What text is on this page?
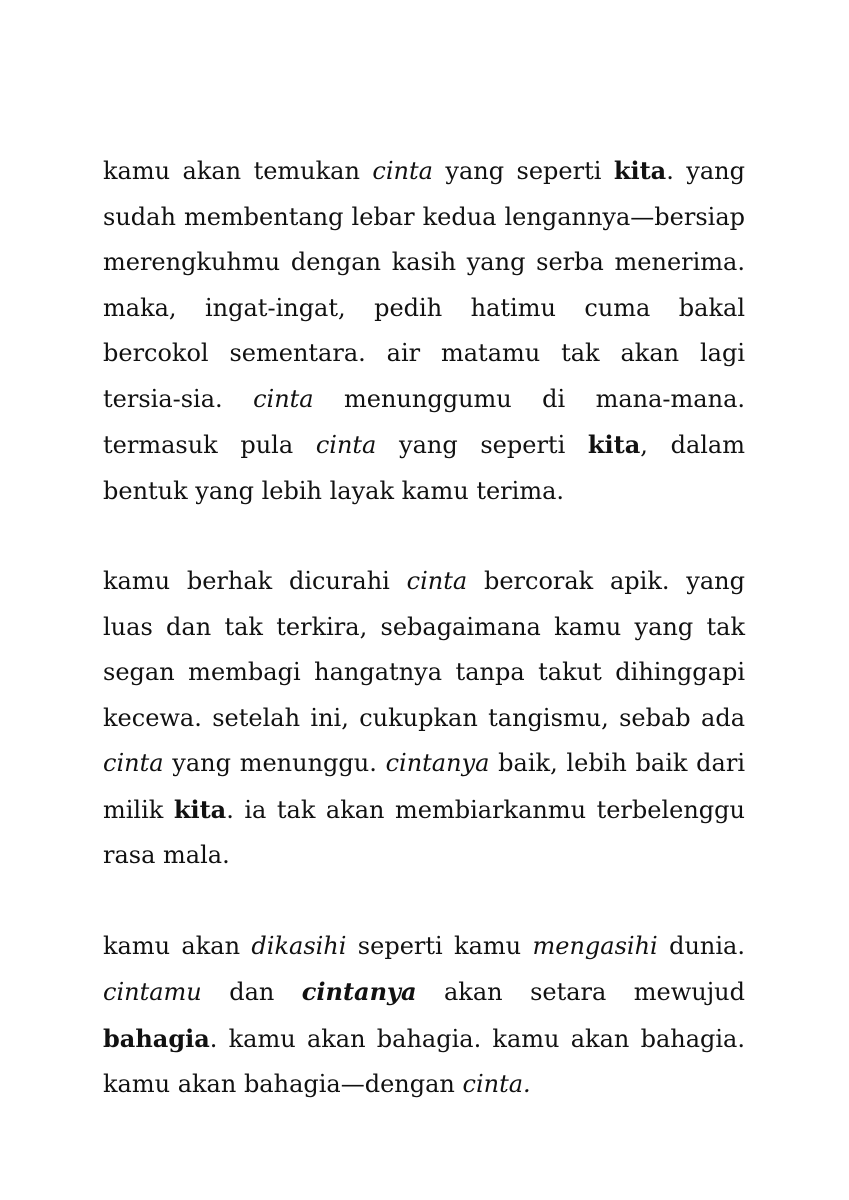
kamu akan temukan cinta yang seperti kita. yang sudah membentang lebar kedua lengannya—bersiap merengkuhmu dengan kasih yang serba menerima. maka, ingat-ingat, pedih hatimu cuma bakal bercokol sementara. air matamu tak akan lagi tersia-sia. cinta menunggumu di mana-mana. termasuk pula cinta yang seperti kita, dalam bentuk yang lebih layak kamu terima.

kamu berhak dicurahi cinta bercorak apik. yang luas dan tak terkira, sebagaimana kamu yang tak segan membagi hangatnya tanpa takut dihinggapi kecewa. setelah ini, cukupkan tangismu, sebab ada cinta yang menunggu. cintanya baik, lebih baik dari milik kita. ia tak akan membiarkanmu terbelenggu rasa mala.

kamu akan dikasihi seperti kamu mengasihi dunia. cintamu dan cintanya akan setara mewujud bahagia. kamu akan bahagia. kamu akan bahagia. kamu akan bahagia—dengan cinta.
